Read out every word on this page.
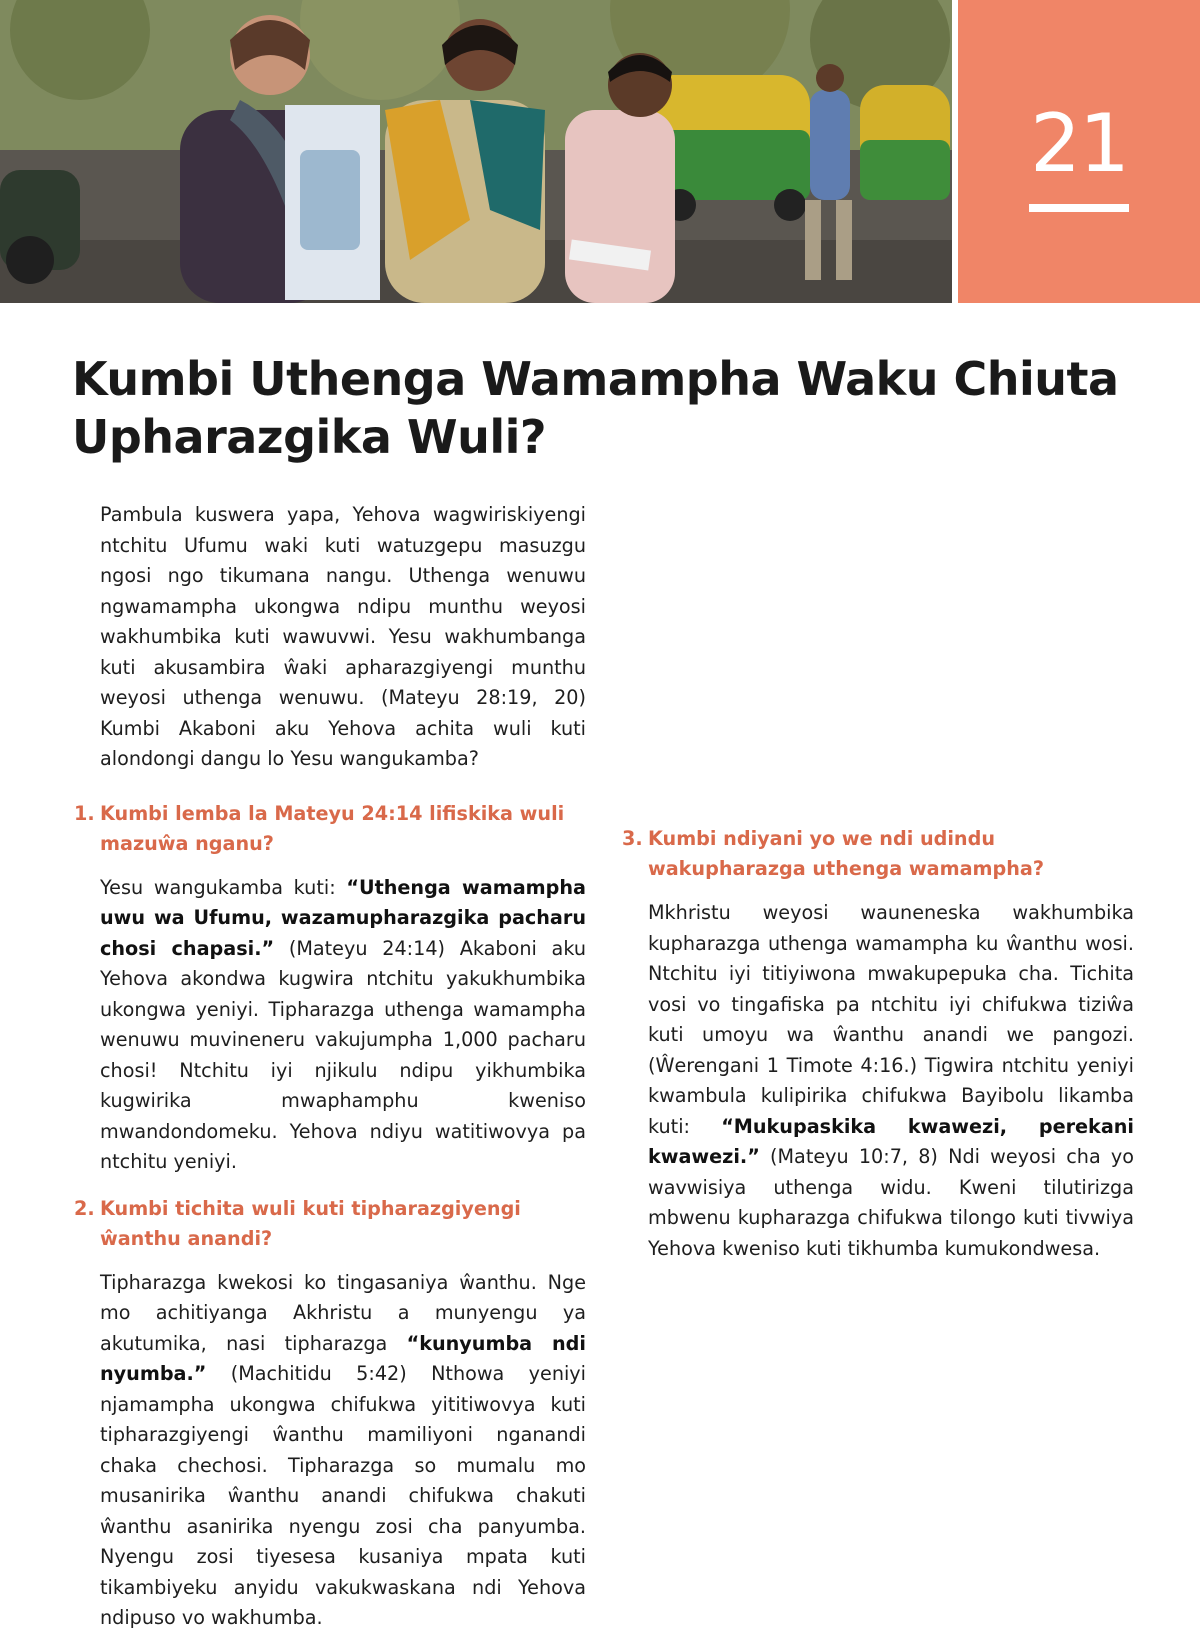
21
Kumbi Uthenga Wamampha Waku Chiuta Upharazgika Wuli?

Pambula kuswera yapa, Yehova wagwiriskiyengi ntchitu Ufumu waki kuti watuzgepu masuzgu ngosi ngo tikumana nangu. Uthenga wenuwu ngwamampha ukongwa ndipu munthu weyosi wakhumbika kuti wawuvwi. Yesu wakhumbanga kuti akusambira ŵaki apharazgiyengi munthu weyosi uthenga wenuwu. (Mateyu 28:19, 20) Kumbi Akaboni aku Yehova achita wuli kuti alondongi dangu lo Yesu wangukamba?

1. Kumbi lemba la Mateyu 24:14 lifiskika wuli mazuŵa nganu?

Yesu wangukamba kuti: “Uthenga wamampha uwu wa Ufumu, wazamupharazgika pacharu chosi chapasi.” (Mateyu 24:14) Akaboni aku Yehova akondwa kugwira ntchitu yakukhumbika ukongwa yeniyi. Tipharazga uthenga wamampha wenuwu muvineneru vakujumpha 1,000 pacharu chosi! Ntchitu iyi njikulu ndipu yikhumbika kugwirika mwaphamphu kweniso mwandondomeku. Yehova ndiyu watitiwovya pa ntchitu yeniyi.

2. Kumbi tichita wuli kuti tipharazgiyengi ŵanthu anandi?

Tipharazga kwekosi ko tingasaniya ŵanthu. Nge mo achitiyanga Akhristu a munyengu ya akutumika, nasi tipharazga “kunyumba ndi nyumba.” (Machitidu 5:42) Nthowa yeniyi njamampha ukongwa chifukwa yititiwovya kuti tipharazgiyengi ŵanthu mamiliyoni nganandi chaka chechosi. Tipharazga so mumalu mo musanirika ŵanthu anandi chifukwa chakuti ŵanthu asanirika nyengu zosi cha panyumba. Nyengu zosi tiyesesa kusaniya mpata kuti tikambiyeku anyidu vakukwaskana ndi Yehova ndipuso vo wakhumba.

3. Kumbi ndiyani yo we ndi udindu wakupharazga uthenga wamampha?

Mkhristu weyosi wauneneska wakhumbika kupharazga uthenga wamampha ku ŵanthu wosi. Ntchitu iyi titiyiwona mwakupepuka cha. Tichita vosi vo tingafiska pa ntchitu iyi chifukwa tiziŵa kuti umoyu wa ŵanthu anandi we pangozi. (Ŵerengani 1 Timote 4:16.) Tigwira ntchitu yeniyi kwambula kulipirika chifukwa Bayibolu likamba kuti: “Mukupaskika kwawezi, perekani kwawezi.” (Mateyu 10:7, 8) Ndi weyosi cha yo wavwisiya uthenga widu. Kweni tilutirizga mbwenu kupharazga chifukwa tilongo kuti tivwiya Yehova kweniso kuti tikhumba kumukondwesa.
